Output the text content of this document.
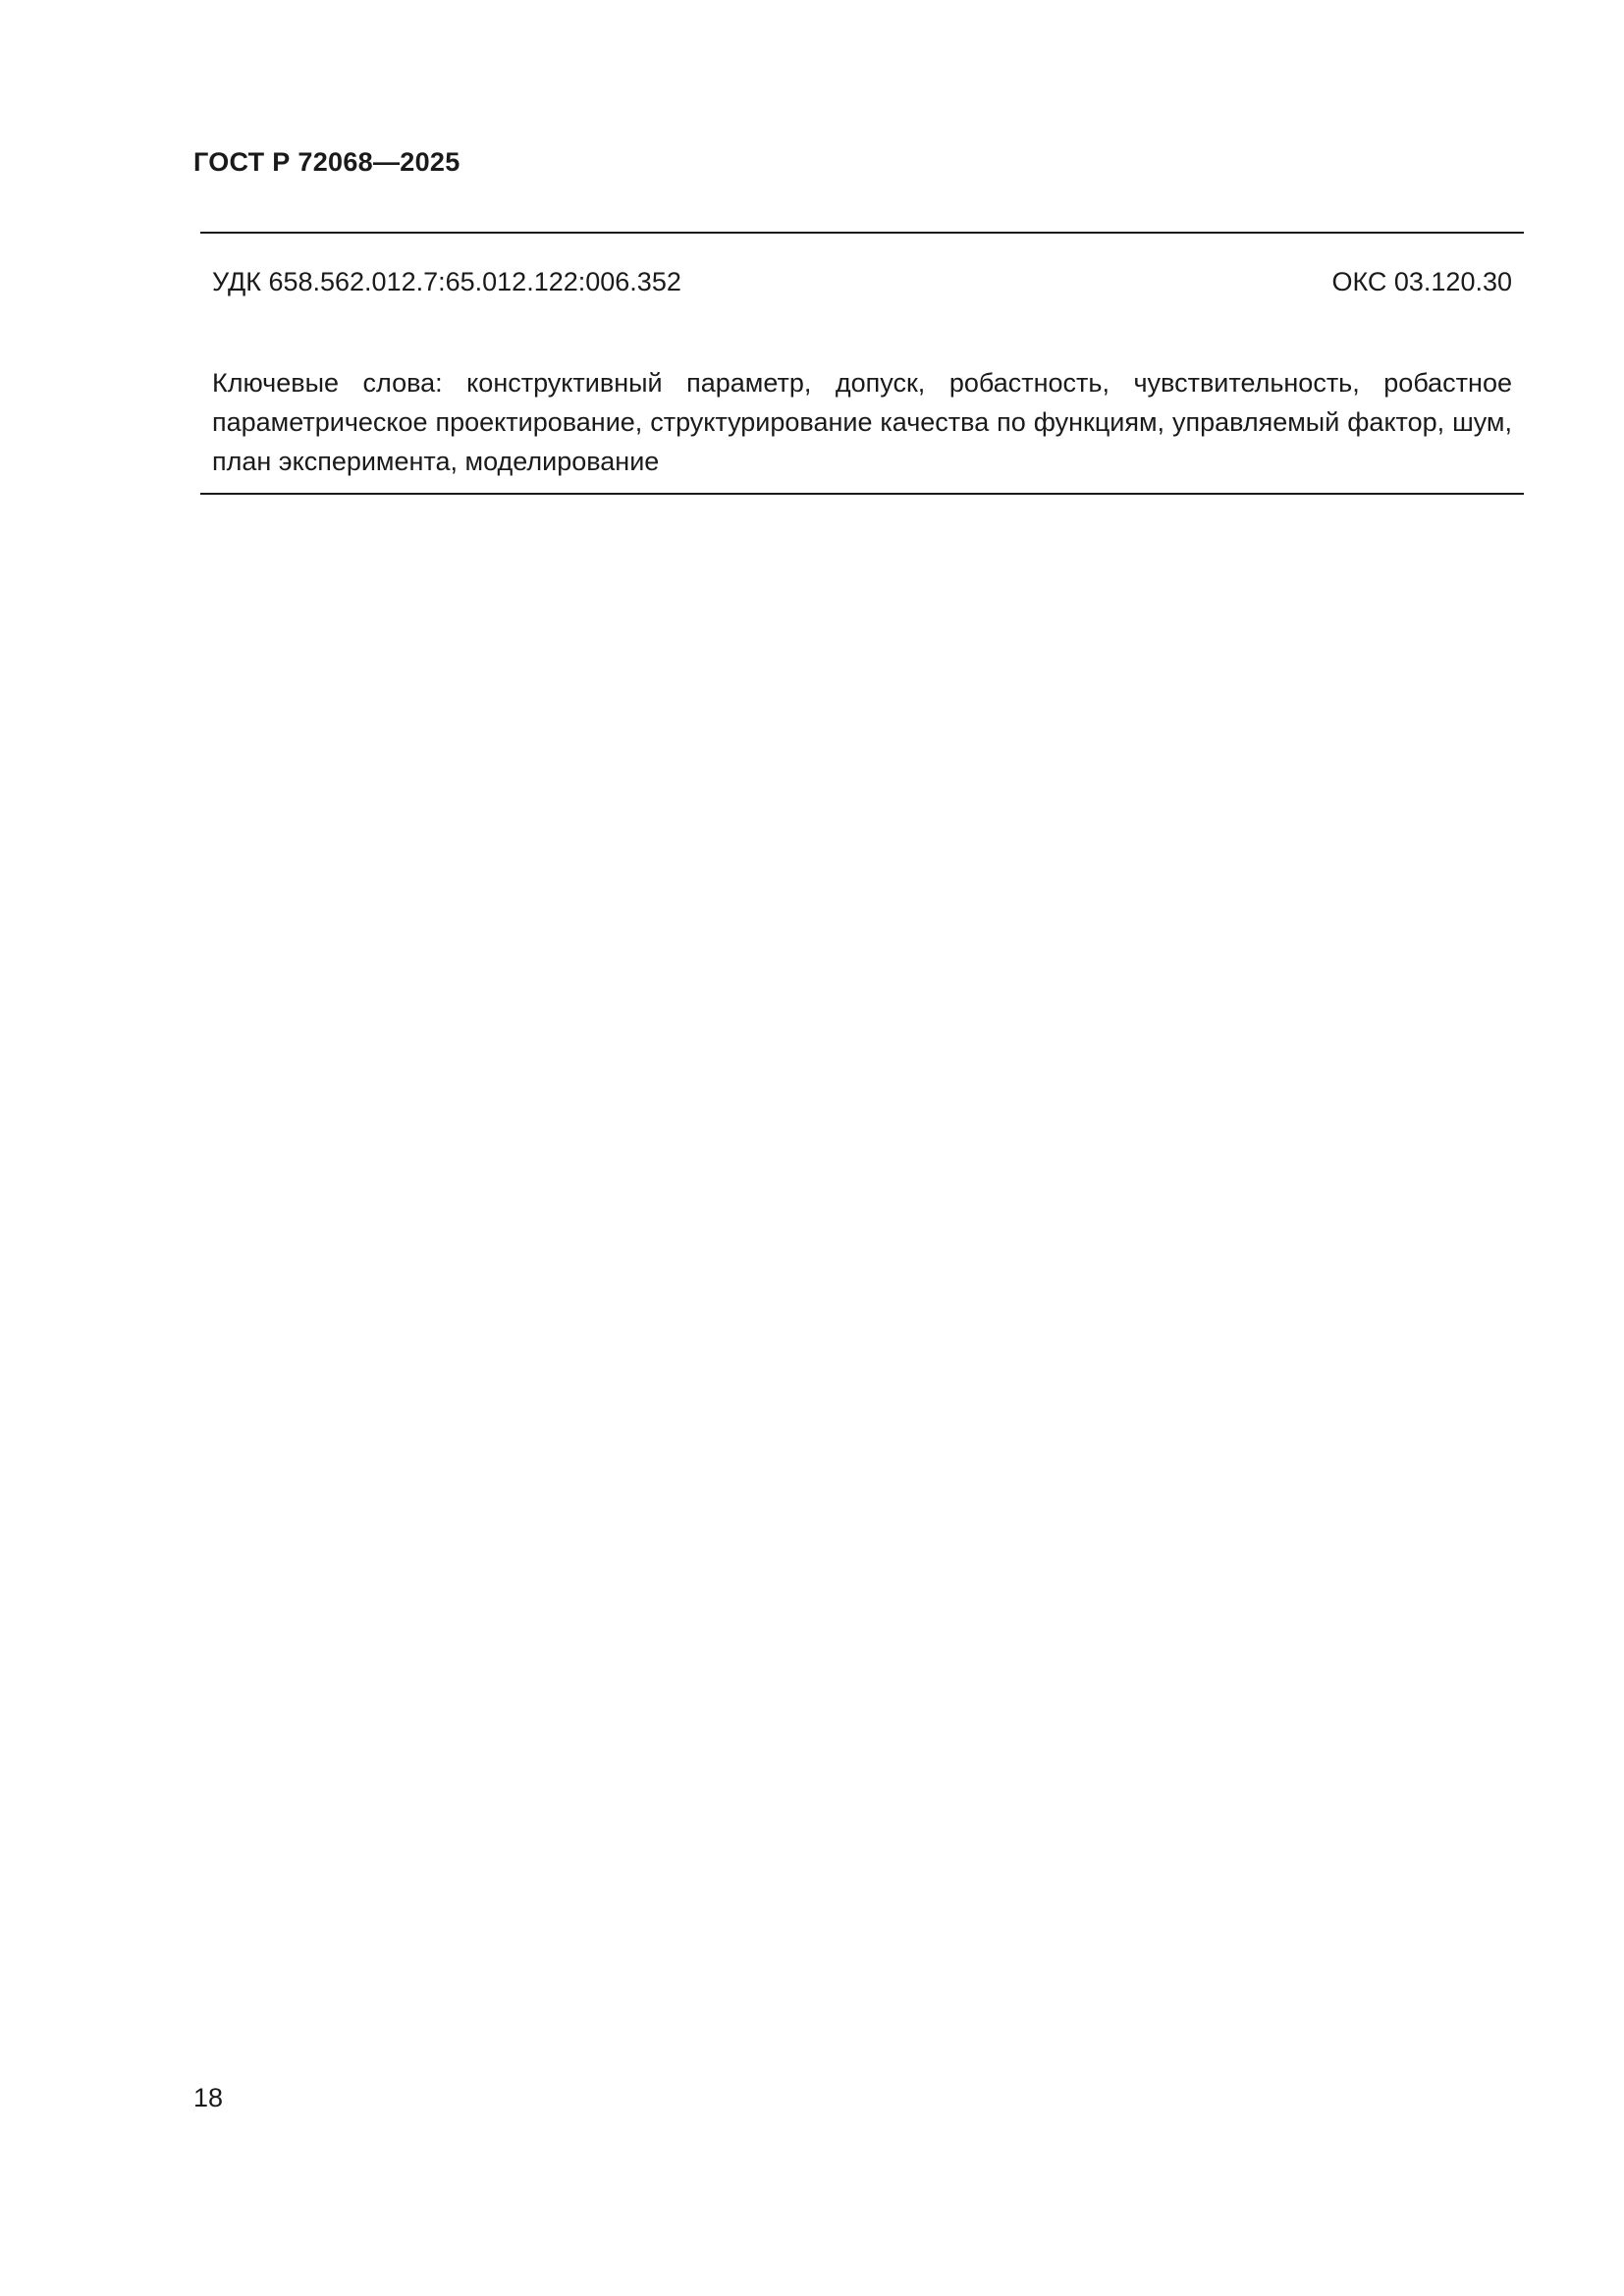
ГОСТ Р 72068—2025
УДК 658.562.012.7:65.012.122:006.352	ОКС 03.120.30

Ключевые слова: конструктивный параметр, допуск, робастность, чувствительность, робастное параметрическое проектирование, структурирование качества по функциям, управляемый фактор, шум, план эксперимента, моделирование

18
